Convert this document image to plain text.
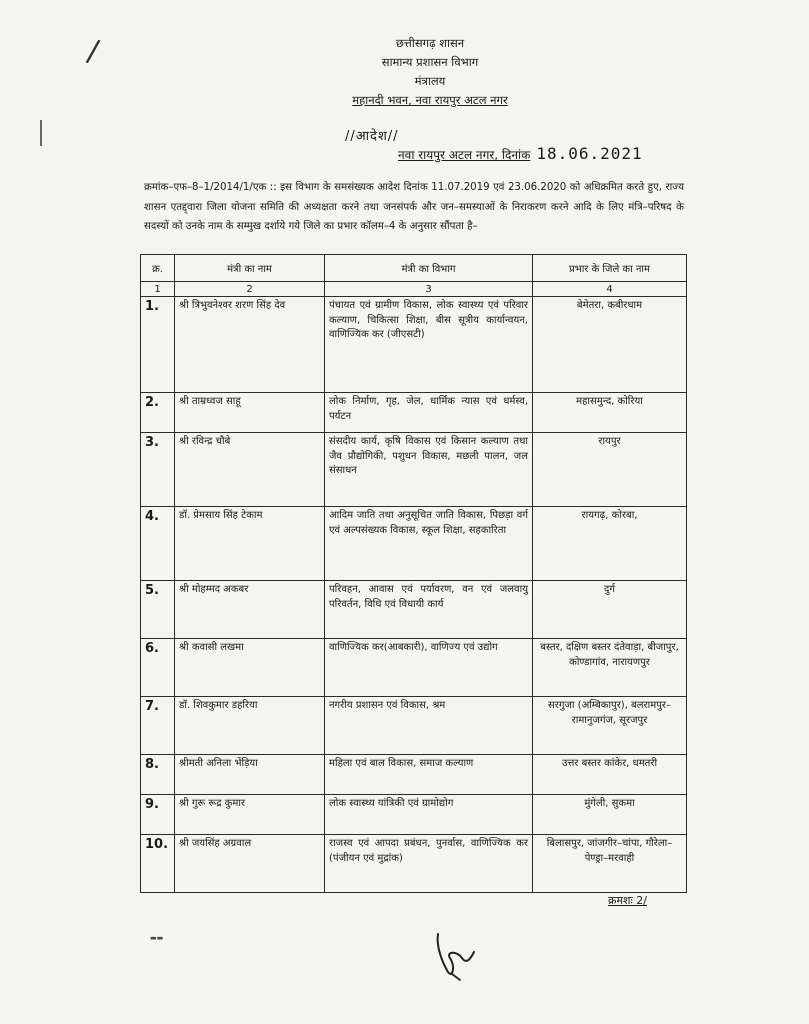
/	छत्तीसगढ़ शासन
सामान्य प्रशासन विभाग
मंत्रालय
महानदी भवन, नवा रायपुर अटल नगर
//आदेश//
नवा रायपुर अटल नगर, दिनांक 18.06.2021
क्रमांक–एफ–8–1/2014/1/एक :: इस विभाग के समसंख्यक आदेश दिनांक 11.07.2019 एवं 23.06.2020 को अधिक्रमित करते हुए, राज्य शासन एतद्द्वारा जिला योजना समिति की अध्यक्षता करने तथा जनसंपर्क और जन–समस्याओं के निराकरण करने आदि के लिए मंत्रि–परिषद के सदस्यों को उनके नाम के सम्मुख दर्शाये गये जिले का प्रभार कॉलम–4 के अनुसार सौंपता है–
क्र.	मंत्री का नाम	मंत्री का विभाग	प्रभार के जिले का नाम
1	2	3	4
1.	श्री त्रिभुवनेश्वर शरण सिंह देव	पंचायत एवं ग्रामीण विकास, लोक स्वास्थ्य एवं परिवार कल्याण, चिकित्सा शिक्षा, बीस सूत्रीय कार्यान्वयन, वाणिज्यिक कर (जीएसटी)	बेमेतरा, कबीरधाम
2.	श्री ताम्रध्वज साहू	लोक निर्माण, गृह, जेल, धार्मिक न्यास एवं धर्मस्व, पर्यटन	महासमुन्द, कोरिया
3.	श्री रविन्द्र चौबे	संसदीय कार्य, कृषि विकास एवं किसान कल्याण तथा जैव प्रौद्योगिकी, पशुधन विकास, मछली पालन, जल संसाधन	रायपुर
4.	डॉ. प्रेमसाय सिंह टेकाम	आदिम जाति तथा अनुसूचित जाति विकास, पिछड़ा वर्ग एवं अल्पसंख्यक विकास, स्कूल शिक्षा, सहकारिता	रायगढ़, कोरबा,
5.	श्री मोहम्मद अकबर	परिवहन, आवास एवं पर्यावरण, वन एवं जलवायु परिवर्तन, विधि एवं विधायी कार्य	दुर्ग
6.	श्री कवासी लखमा	वाणिज्यिक कर(आबकारी), वाणिज्य एवं उद्योग	बस्तर, दक्षिण बस्तर दंतेवाड़ा, बीजापुर, कोण्डागांव, नारायणपुर
7.	डॉ. शिवकुमार डहरिया	नगरीय प्रशासन एवं विकास, श्रम	सरगुजा (अम्बिकापुर), बलरामपुर–रामानुजगंज, सूरजपुर
8.	श्रीमती अनिला भेंड़िया	महिला एवं बाल विकास, समाज कल्याण	उत्तर बस्तर कांकेर, धमतरी
9.	श्री गुरू रूद्र कुमार	लोक स्वास्थ्य यांत्रिकी एवं ग्रामोद्योग	मुंगेली, सुकमा
10.	श्री जयसिंह अग्रवाल	राजस्व एवं आपदा प्रबंधन, पुनर्वास, वाणिज्यिक कर (पंजीयन एवं मुद्रांक)	बिलासपुर, जांजगीर–चांपा, गौरेला–पेण्ड्रा–मरवाही
क्रमशः 2/
▬▬
